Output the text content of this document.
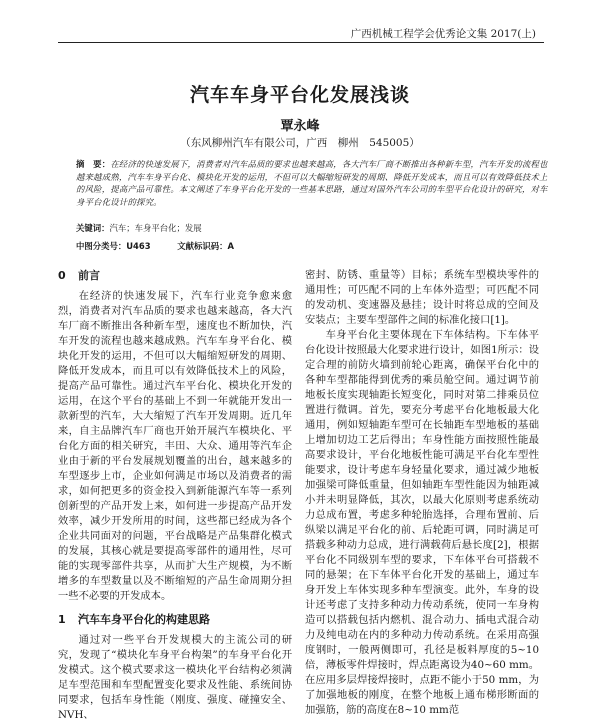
广西机械工程学会优秀论文集 2017(上)
汽车车身平台化发展浅谈
覃永峰
（东风柳州汽车有限公司，广西　柳州　545005）
摘　要：在经济的快速发展下，消费者对汽车品质的要求也越来越高，各大汽车厂商不断推出各种新车型，汽车开发的流程也越来越成熟，汽车车身平台化、模块化开发的运用，不但可以大幅缩短研发的周期、降低开发成本，而且可以有效降低技术上的风险，提高产品可靠性。本文阐述了车身平台化开发的一些基本思路，通过对国外汽车公司的车型平台化设计的研究，对车身平台化设计的探究。
关键词：汽车；车身平台化；发展
中图分类号：U463	文献标识码：A
0 前言

在经济的快速发展下，汽车行业竞争愈来愈烈，消费者对汽车品质的要求也越来越高，各大汽车厂商不断推出各种新车型，速度也不断加快，汽车开发的流程也越来越成熟。汽车车身平台化、模块化开发的运用，不但可以大幅缩短研发的周期、降低开发成本，而且可以有效降低技术上的风险，提高产品可靠性。通过汽车平台化、模块化开发的运用，在这个平台的基础上不到一年就能开发出一款新型的汽车，大大缩短了汽车开发周期。近几年来，自主品牌汽车厂商也开始开展汽车模块化、平台化方面的相关研究，丰田、大众、通用等汽车企业由于新的平台发展规划覆盖的出台，越来越多的车型逐步上市，企业如何满足市场以及消费者的需求，如何把更多的资金投入到新能源汽车等一系列创新型的产品开发上来，如何进一步提高产品开发效率，减少开发所用的时间，这些都已经成为各个企业共同面对的问题，平台战略是产品集群化模式的发展，其核心就是要提高零部件的通用性，尽可能的实现零部件共享，从而扩大生产规模，为不断增多的车型数量以及不断缩短的产品生命周期分担一些不必要的开发成本。

1 汽车车身平台化的构建思路

通过对一些平台开发规模大的主流公司的研究，发现了“模块化车身平台构架”的车身平台化开发模式。这个模式要求这一模块化平台结构必须满足车型范围和车型配置变化要求及性能、系统间协同要求，包括车身性能（刚度、强度、碰撞安全、NVH、

密封、防锈、重量等）目标；系统车型模块零件的通用性；可匹配不同的上车体外造型；可匹配不同的发动机、变速器及悬挂；设计时将总成的空间及安装点；主要车型部件之间的标准化接口[1]。

车身平台化主要体现在下车体结构。下车体平台化设计按照最大化要求进行设计，如图1所示：设定合理的前防火墙到前轮心距离，确保平台化中的各种车型都能得到优秀的乘员舱空间。通过调节前地板长度实现轴距长短变化，同时对第二排乘员位置进行微调。首先，要充分考虑平台化地板最大化通用，例如短轴距车型可在长轴距车型地板的基础上增加切边工艺后得出；车身性能方面按照性能最高要求设计，平台化地板性能可满足平台化车型性能要求，设计考虑车身轻量化要求，通过减少地板加强梁可降低重量，但如轴距车型性能因为轴距减小并未明显降低，其次，以最大化原则考虑系统动力总成布置，考虑多种轮胎选择，合理布置前、后纵梁以满足平台化的前、后轮距可调，同时满足可搭载多种动力总成，进行满载荷后悬长度[2]，根据平台化不同级别车型的要求，下车体平台可搭载不同的悬架；在下车体平台化开发的基础上，通过车身开发上车体实现多种车型演变。此外，车身的设计还考虑了支持多种动力传动系统，使同一车身构造可以搭载包括内燃机、混合动力、插电式混合动力及纯电动在内的多种动力传动系统。在采用高强度钢时，一般两侧即可，孔径是板料厚度的5~10倍，薄板零件焊接时，焊点距离设为40~60 mm。在应用多层焊接焊接时，点距不能小于50 mm，为了加强地板的刚度，在整个地板上通布梯形断面的加强筋，筋的高度在8~10 mm范
